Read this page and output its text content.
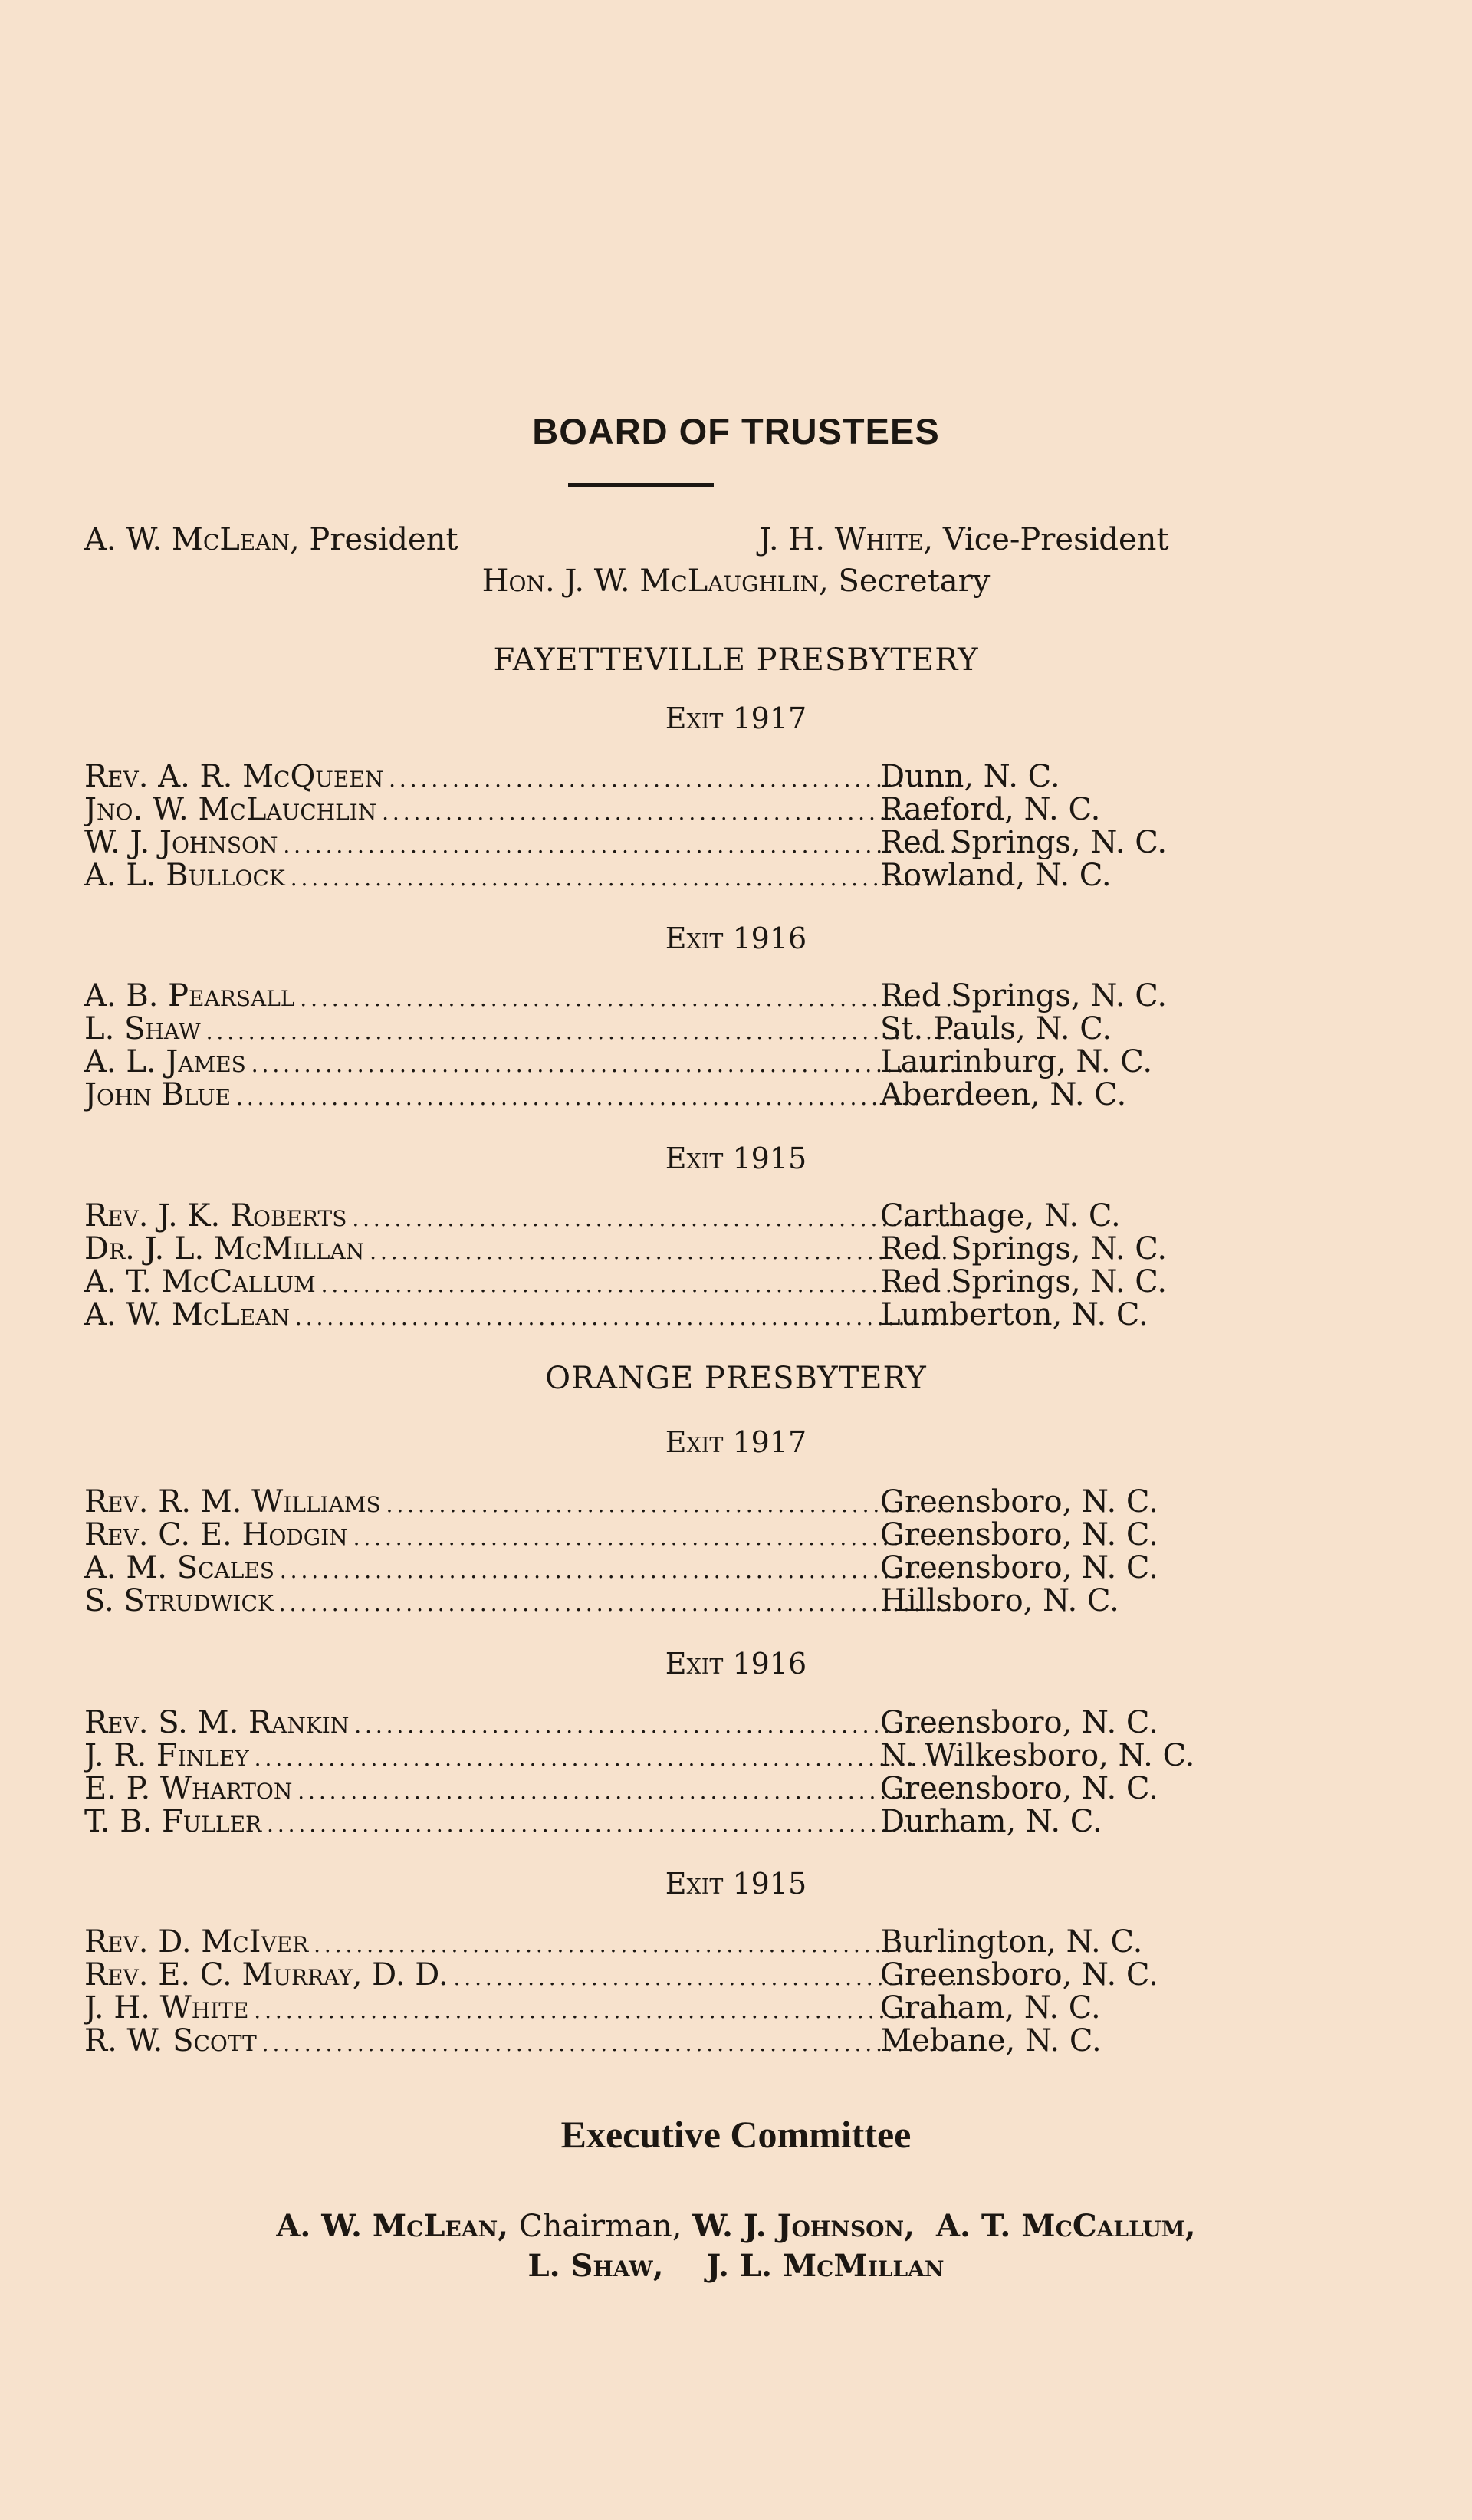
BOARD OF TRUSTEES
A. W. McLean, President	J. H. White, Vice-President
Hon. J. W. McLaughlin, Secretary
FAYETTEVILLE PRESBYTERY
Exit 1917
Rev. A. R. McQueen . . .	Dunn, N. C.
Jno. W. McLauchlin . . .	Raeford, N. C.
W. J. Johnson . . .	Red Springs, N. C.
A. L. Bullock . . .	Rowland, N. C.
Exit 1916
A. B. Pearsall . . .	Red Springs, N. C.
L. Shaw . . .	St. Pauls, N. C.
A. L. James . . .	Laurinburg, N. C.
John Blue . . .	Aberdeen, N. C.
Exit 1915
Rev. J. K. Roberts . . .	Carthage, N. C.
Dr. J. L. McMillan . . .	Red Springs, N. C.
A. T. McCallum . . .	Red Springs, N. C.
A. W. McLean . . .	Lumberton, N. C.
ORANGE PRESBYTERY
Exit 1917
Rev. R. M. Williams . . .	Greensboro, N. C.
Rev. C. E. Hodgin . . .	Greensboro, N. C.
A. M. Scales . . .	Greensboro, N. C.
S. Strudwick . . .	Hillsboro, N. C.
Exit 1916
Rev. S. M. Rankin . . .	Greensboro, N. C.
J. R. Finley . . .	N. Wilkesboro, N. C.
E. P. Wharton . . .	Greensboro, N. C.
T. B. Fuller . . .	Durham, N. C.
Exit 1915
Rev. D. McIver . . .	Burlington, N. C.
Rev. E. C. Murray, D. D. . . .	Greensboro, N. C.
J. H. White . . .	Graham, N. C.
R. W. Scott . . .	Mebane, N. C.
Executive Committee
A. W. McLean, Chairman, W. J. Johnson, A. T. McCallum,
L. Shaw, J. L. McMillan
